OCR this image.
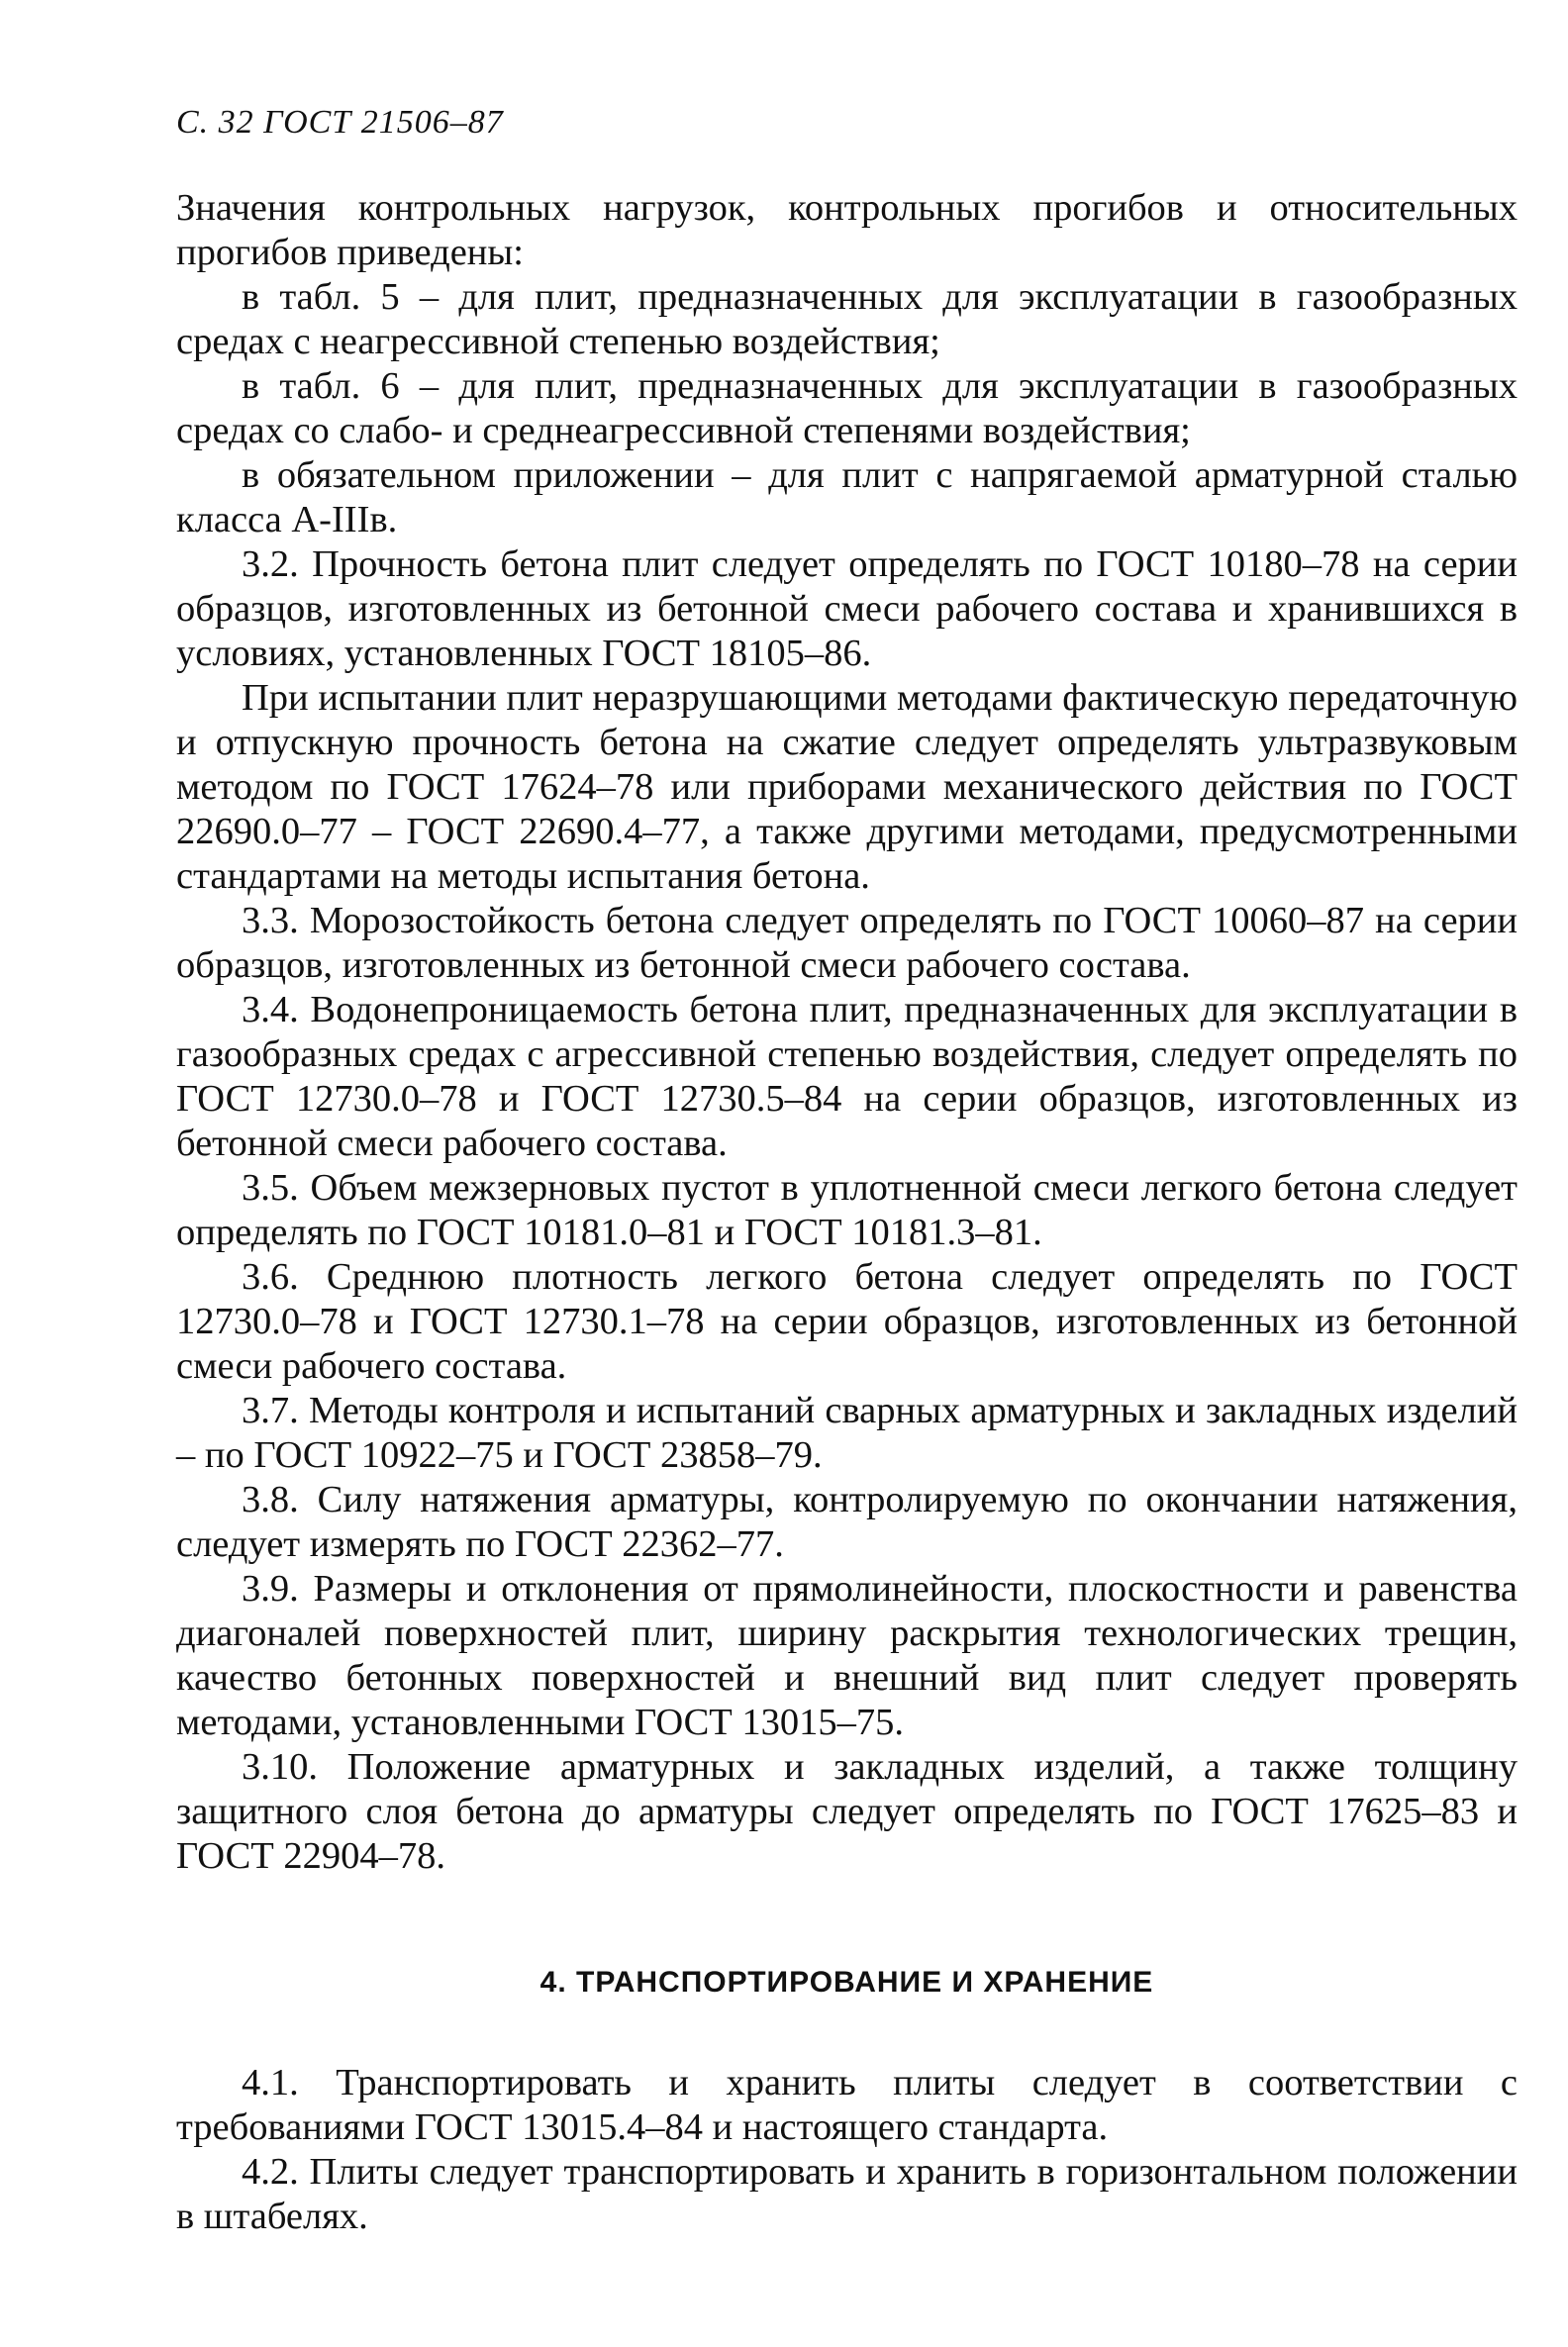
С. 32 ГОСТ 21506–87

Значения контрольных нагрузок, контрольных прогибов и относительных прогибов приведены:

в табл. 5 – для плит, предназначенных для эксплуатации в газообразных средах с неагрессивной степенью воздействия;

в табл. 6 – для плит, предназначенных для эксплуатации в газообразных средах со слабо- и среднеагрессивной степенями воздействия;

в обязательном приложении – для плит с напрягаемой арматурной сталью класса А-IIIв.

3.2. Прочность бетона плит следует определять по ГОСТ 10180–78 на серии образцов, изготовленных из бетонной смеси рабочего состава и хранившихся в условиях, установленных ГОСТ 18105–86.

При испытании плит неразрушающими методами фактическую передаточную и отпускную прочность бетона на сжатие следует определять ультразвуковым методом по ГОСТ 17624–78 или приборами механического действия по ГОСТ 22690.0–77 – ГОСТ 22690.4–77, а также другими методами, предусмотренными стандартами на методы испытания бетона.

3.3. Морозостойкость бетона следует определять по ГОСТ 10060–87 на серии образцов, изготовленных из бетонной смеси рабочего состава.

3.4. Водонепроницаемость бетона плит, предназначенных для эксплуатации в газообразных средах с агрессивной степенью воздействия, следует определять по ГОСТ 12730.0–78 и ГОСТ 12730.5–84 на серии образцов, изготовленных из бетонной смеси рабочего состава.

3.5. Объем межзерновых пустот в уплотненной смеси легкого бетона следует определять по ГОСТ 10181.0–81 и ГОСТ 10181.3–81.

3.6. Среднюю плотность легкого бетона следует определять по ГОСТ 12730.0–78 и ГОСТ 12730.1–78 на серии образцов, изготовленных из бетонной смеси рабочего состава.

3.7. Методы контроля и испытаний сварных арматурных и закладных изделий – по ГОСТ 10922–75 и ГОСТ 23858–79.

3.8. Силу натяжения арматуры, контролируемую по окончании натяжения, следует измерять по ГОСТ 22362–77.

3.9. Размеры и отклонения от прямолинейности, плоскостности и равенства диагоналей поверхностей плит, ширину раскрытия технологических трещин, качество бетонных поверхностей и внешний вид плит следует проверять методами, установленными ГОСТ 13015–75.

3.10. Положение арматурных и закладных изделий, а также толщину защитного слоя бетона до арматуры следует определять по ГОСТ 17625–83 и ГОСТ 22904–78.

4. ТРАНСПОРТИРОВАНИЕ И ХРАНЕНИЕ

4.1. Транспортировать и хранить плиты следует в соответствии с требованиями ГОСТ 13015.4–84 и настоящего стандарта.

4.2. Плиты следует транспортировать и хранить в горизонтальном положении в штабелях.
